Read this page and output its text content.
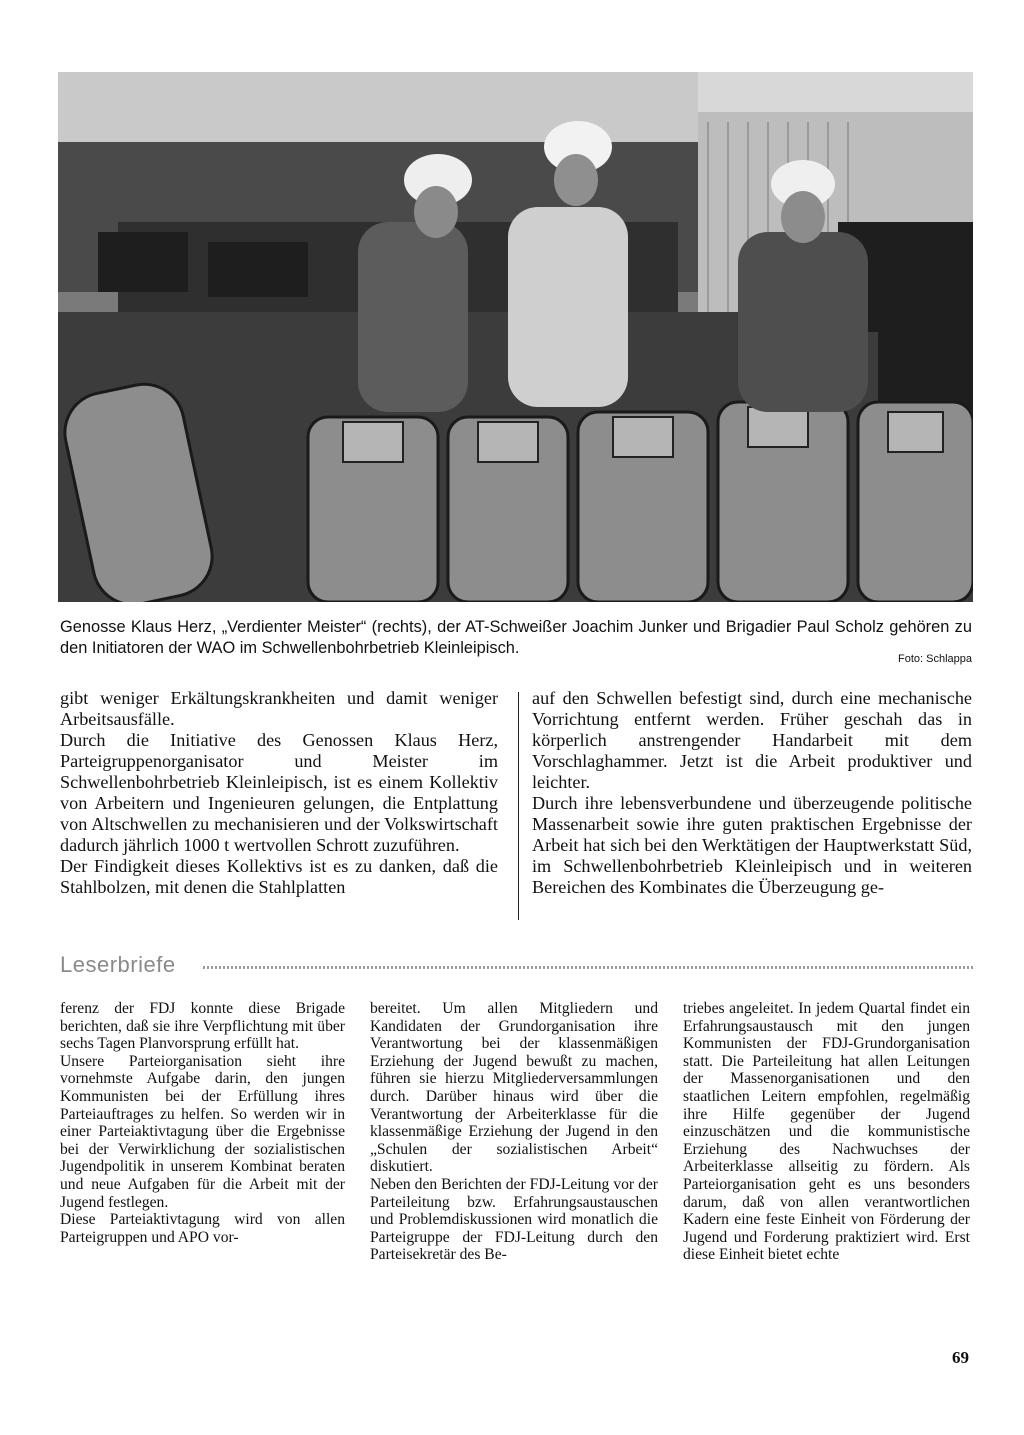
Genosse Klaus Herz, „Verdienter Meister“ (rechts), der AT-Schweißer Joachim Junker und Brigadier Paul Scholz gehören zu den Initiatoren der WAO im Schwellenbohrbetrieb Kleinleipisch.
Foto: Schlappa

gibt weniger Erkältungskrankheiten und damit weniger Arbeitsausfälle.

Durch die Initiative des Genossen Klaus Herz, Parteigruppenorganisator und Meister im Schwellenbohrbetrieb Kleinleipisch, ist es einem Kollektiv von Arbeitern und Ingenieuren gelungen, die Entplattung von Altschwellen zu mechanisieren und der Volkswirtschaft dadurch jährlich 1000 t wertvollen Schrott zuzuführen.

Der Findigkeit dieses Kollektivs ist es zu danken, daß die Stahlbolzen, mit denen die Stahlplatten

auf den Schwellen befestigt sind, durch eine mechanische Vorrichtung entfernt werden. Früher geschah das in körperlich anstrengender Handarbeit mit dem Vorschlaghammer. Jetzt ist die Arbeit produktiver und leichter.

Durch ihre lebensverbundene und überzeugende politische Massenarbeit sowie ihre guten praktischen Ergebnisse der Arbeit hat sich bei den Werktätigen der Hauptwerkstatt Süd, im Schwellenbohrbetrieb Kleinleipisch und in weiteren Bereichen des Kombinates die Überzeugung ge-

Leserbriefe

ferenz der FDJ konnte diese Brigade berichten, daß sie ihre Verpflichtung mit über sechs Tagen Planvorsprung erfüllt hat.

Unsere Parteiorganisation sieht ihre vornehmste Aufgabe darin, den jungen Kommunisten bei der Erfüllung ihres Parteiauftrages zu helfen. So werden wir in einer Parteiaktivtagung über die Ergebnisse bei der Verwirklichung der sozialistischen Jugendpolitik in unserem Kombinat beraten und neue Aufgaben für die Arbeit mit der Jugend festlegen.

Diese Parteiaktivtagung wird von allen Parteigruppen und APO vor-

bereitet. Um allen Mitgliedern und Kandidaten der Grundorganisation ihre Verantwortung bei der klassenmäßigen Erziehung der Jugend bewußt zu machen, führen sie hierzu Mitgliederversammlungen durch. Darüber hinaus wird über die Verantwortung der Arbeiterklasse für die klassenmäßige Erziehung der Jugend in den „Schulen der sozialistischen Arbeit“ diskutiert.

Neben den Berichten der FDJ-Leitung vor der Parteileitung bzw. Erfahrungsaustauschen und Problemdiskussionen wird monatlich die Parteigruppe der FDJ-Leitung durch den Parteisekretär des Be-

triebes angeleitet. In jedem Quartal findet ein Erfahrungsaustausch mit den jungen Kommunisten der FDJ-Grundorganisation statt. Die Parteileitung hat allen Leitungen der Massenorganisationen und den staatlichen Leitern empfohlen, regelmäßig ihre Hilfe gegenüber der Jugend einzuschätzen und die kommunistische Erziehung des Nachwuchses der Arbeiterklasse allseitig zu fördern. Als Parteiorganisation geht es uns besonders darum, daß von allen verantwortlichen Kadern eine feste Einheit von Förderung der Jugend und Forderung praktiziert wird. Erst diese Einheit bietet echte

69
